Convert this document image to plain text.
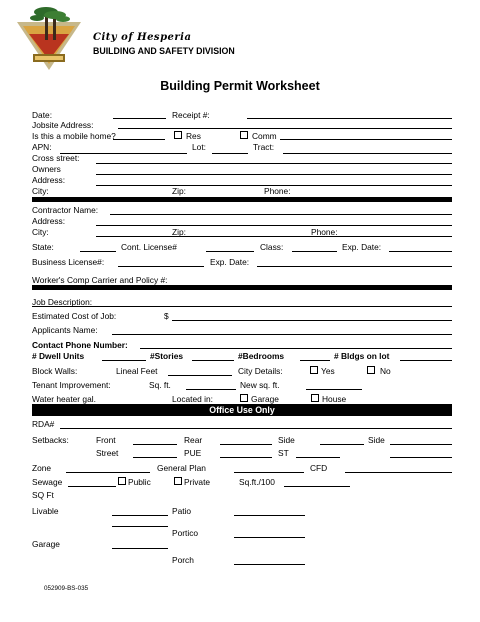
City of Hesperia
BUILDING AND SAFETY DIVISION
Building Permit Worksheet
Date:	Receipt #:
Jobsite Address:
Is this a mobile home?	Res	Comm
APN:	Lot:	Tract:
Cross street:
Owners
Address:
City:	Zip:	Phone:
Contractor Name:
Address:
City:	Zip:	Phone:
State:	Cont. License#	Class:	Exp. Date:
Business License#:	Exp. Date:
Worker's Comp Carrier and Policy #:
Job Description:
Estimated Cost of Job:	$
Applicants Name:
Contact Phone Number:
# Dwell Units	#Stories	#Bedrooms	# Bldgs on lot
Block Walls:	Lineal Feet	City Details:	Yes	No
Tenant Improvement:	Sq. ft.	New sq. ft.
Water heater gal.	Located in:	Garage	House
Office Use Only
RDA#
Setbacks:	Front	Rear	Side	Side
Street	PUE	ST
Zone	General Plan	CFD
Sewage	Public	Private	Sq.ft./100
SQ Ft
Livable	Patio
Portico
Garage
Porch
052909-BS-035
